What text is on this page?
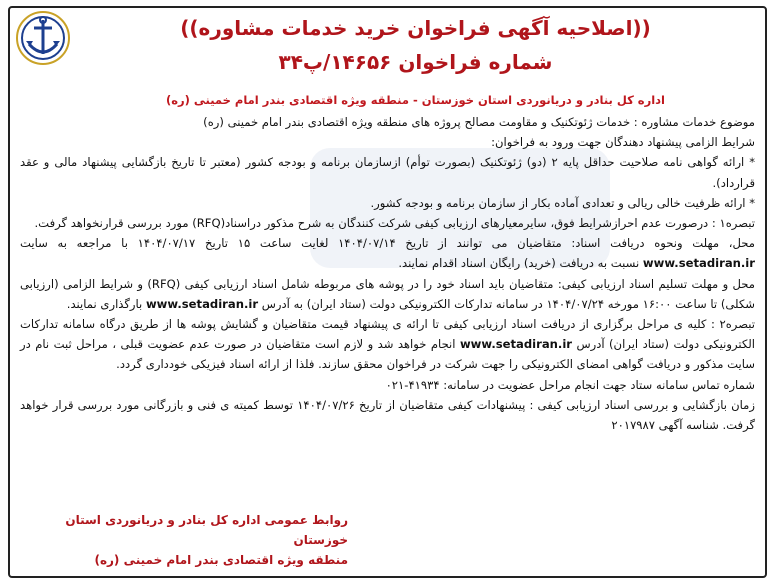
((اصلاحیه آگهی فراخوان خرید خدمات مشاوره))
شماره فراخوان ۱۴۶۵۶/پ۳۴
اداره کل بنادر و دریانوردی استان خوزستان - منطقه ویژه اقتصادی بندر امام خمینی (ره)

موضوع خدمات مشاوره : خدمات ژئوتکنیک و مقاومت مصالح پروژه های منطقه ویژه اقتصادی بندر امام خمینی (ره)

شرایط الزامی پیشنهاد دهندگان جهت ورود به فراخوان:

* ارائه گواهی نامه صلاحیت حداقل پایه ۲ (دو) ژئوتکنیک (بصورت توأم) ازسازمان برنامه و بودجه کشور (معتبر تا تاریخ بازگشایی پیشنهاد مالی و عقد قرارداد).

* ارائه ظرفیت خالی ریالی و تعدادی آماده بکار از سازمان برنامه و بودجه کشور.

تبصره۱ : درصورت عدم احرازشرایط فوق، سایرمعیارهای ارزیابی کیفی شرکت کنندگان به شرح مذکور دراسناد(RFQ) مورد بررسی قرارنخواهد گرفت.

محل، مهلت ونحوه دریافت اسناد: متقاضیان می توانند از تاریخ ۱۴۰۴/۰۷/۱۴ لغایت ساعت ۱۵ تاریخ ۱۴۰۴/۰۷/۱۷ با مراجعه به سایت www.setadiran.ir نسبت به دریافت (خرید) رایگان اسناد اقدام نمایند.

محل و مهلت تسلیم اسناد ارزیابی کیفی: متقاضیان باید اسناد خود را در پوشه های مربوطه شامل اسناد ارزیابی کیفی (RFQ) و شرایط الزامی (ارزیابی شکلی) تا ساعت ۱۶:۰۰ مورخه ۱۴۰۴/۰۷/۲۴ در سامانه تدارکات الکترونیکی دولت (ستاد ایران) به آدرس www.setadiran.ir بارگذاری نمایند.

تبصره۲ : کلیه ی مراحل برگزاری از دریافت اسناد ارزیابی کیفی تا ارائه ی پیشنهاد قیمت متقاضیان و گشایش پوشه ها از طریق درگاه سامانه تدارکات الکترونیکی دولت (ستاد ایران) آدرس www.setadiran.ir انجام خواهد شد و لازم است متقاضیان در صورت عدم عضویت قبلی ، مراحل ثبت نام در سایت مذکور و دریافت گواهی امضای الکترونیکی را جهت شرکت در فراخوان محقق سازند. فلذا از ارائه اسناد فیزیکی خودداری گردد.

شماره تماس سامانه ستاد جهت انجام مراحل عضویت در سامانه: ۴۱۹۳۴-۰۲۱

زمان بازگشایی و بررسی اسناد ارزیابی کیفی : پیشنهادات کیفی متقاضیان از تاریخ ۱۴۰۴/۰۷/۲۶ توسط کمیته ی فنی و بازرگانی مورد بررسی قرار خواهد گرفت. شناسه آگهی ۲۰۱۷۹۸۷

روابط عمومی اداره کل بنادر و دریانوردی استان خوزستان
منطقه ویژه اقتصادی بندر امام خمینی (ره)
